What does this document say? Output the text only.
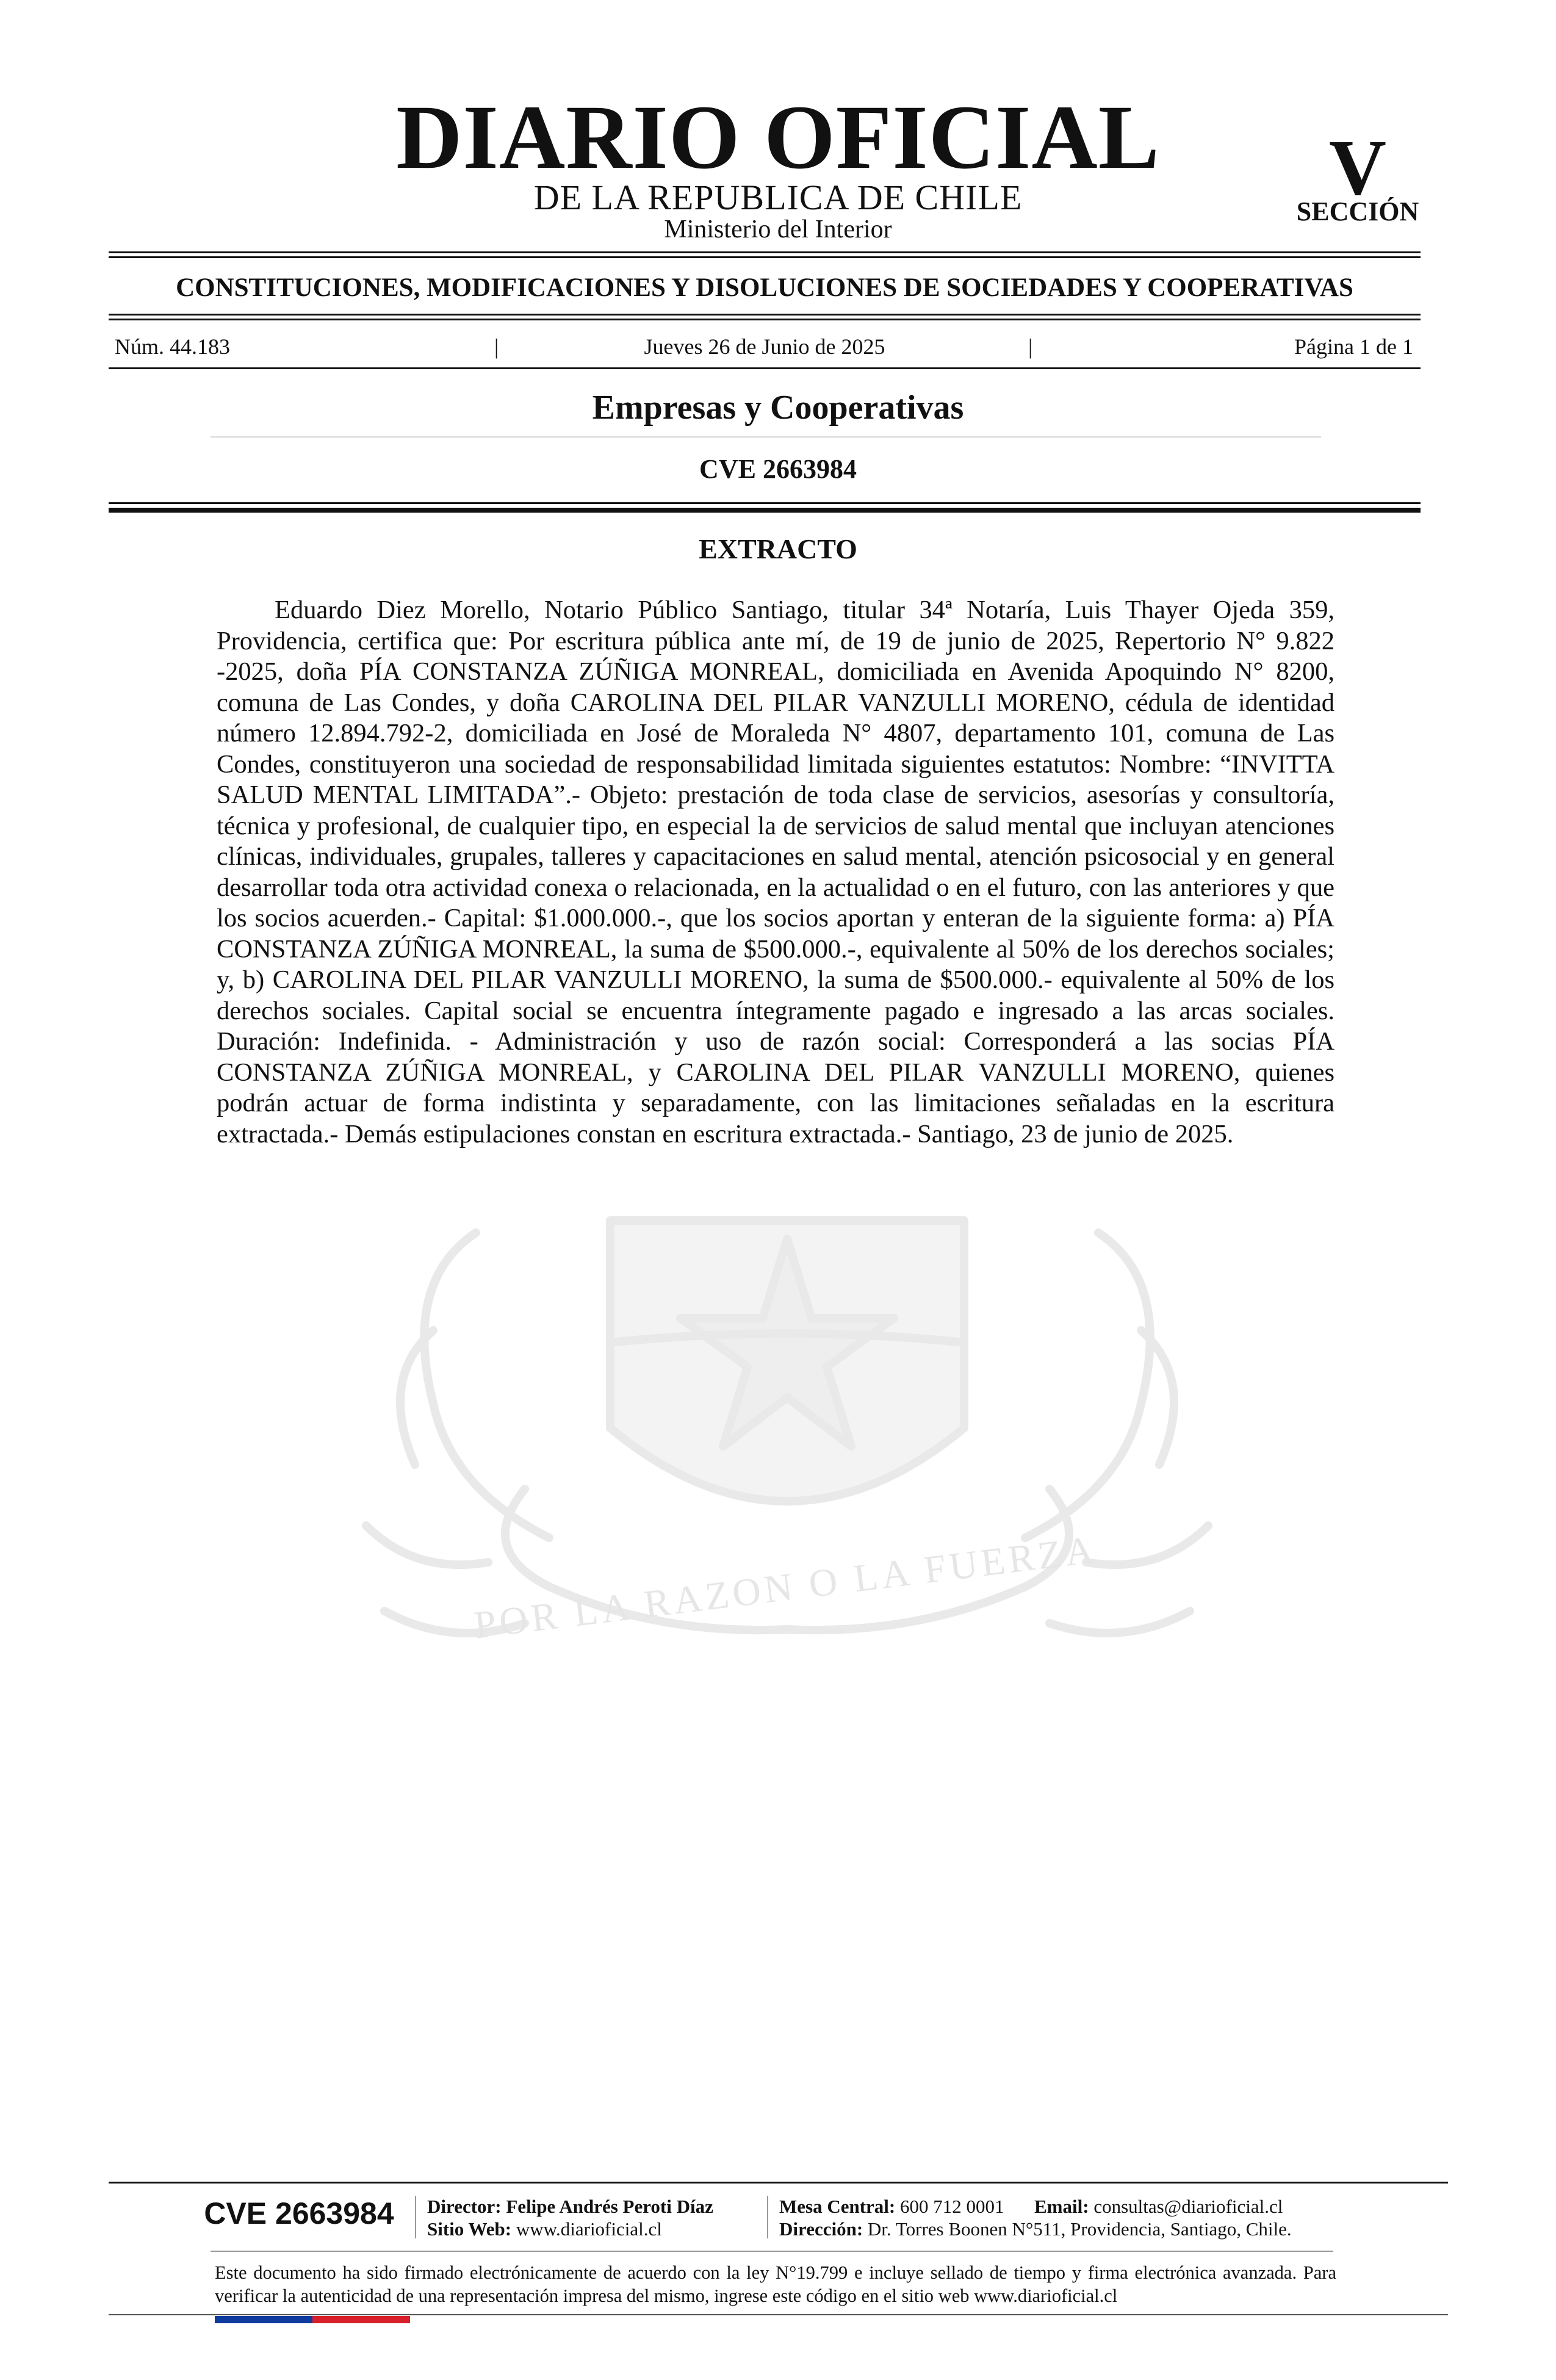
POR LA RAZON O LA FUERZA
DIARIO OFICIAL
DE LA REPUBLICA DE CHILE
Ministerio del Interior
V
SECCIÓN
CONSTITUCIONES, MODIFICACIONES Y DISOLUCIONES DE SOCIEDADES Y COOPERATIVAS
Núm. 44.183	|	Jueves 26 de Junio de 2025	|	Página 1 de 1
Empresas y Cooperativas
CVE 2663984
EXTRACTO

Eduardo Diez Morello, Notario Público Santiago, titular 34ª Notaría, Luis Thayer Ojeda 359, Providencia, certifica que: Por escritura pública ante mí, de 19 de junio de 2025, Repertorio N° 9.822 -2025, doña PÍA CONSTANZA ZÚÑIGA MONREAL, domiciliada en Avenida Apoquindo N° 8200, comuna de Las Condes, y doña CAROLINA DEL PILAR VANZULLI MORENO, cédula de identidad número 12.894.792-2, domiciliada en José de Moraleda N° 4807, departamento 101, comuna de Las Condes, constituyeron una sociedad de responsabilidad limitada siguientes estatutos: Nombre: “INVITTA SALUD MENTAL LIMITADA”.- Objeto: prestación de toda clase de servicios, asesorías y consultoría, técnica y profesional, de cualquier tipo, en especial la de servicios de salud mental que incluyan atenciones clínicas, individuales, grupales, talleres y capacitaciones en salud mental, atención psicosocial y en general desarrollar toda otra actividad conexa o relacionada, en la actualidad o en el futuro, con las anteriores y que los socios acuerden.- Capital: $1.000.000.-, que los socios aportan y enteran de la siguiente forma: a) PÍA CONSTANZA ZÚÑIGA MONREAL, la suma de $500.000.-, equivalente al 50% de los derechos sociales; y, b) CAROLINA DEL PILAR VANZULLI MORENO, la suma de $500.000.- equivalente al 50% de los derechos sociales. Capital social se encuentra íntegramente pagado e ingresado a las arcas sociales. Duración: Indefinida. - Administración y uso de razón social: Corresponderá a las socias PÍA CONSTANZA ZÚÑIGA MONREAL, y CAROLINA DEL PILAR VANZULLI MORENO, quienes podrán actuar de forma indistinta y separadamente, con las limitaciones señaladas en la escritura extractada.- Demás estipulaciones constan en escritura extractada.- Santiago, 23 de junio de 2025.

CVE 2663984	Director: Felipe Andrés Peroti Díaz
Sitio Web: www.diarioficial.cl
Mesa Central: 600 712 0001 Email: consultas@diarioficial.cl
Dirección: Dr. Torres Boonen N°511, Providencia, Santiago, Chile.

Este documento ha sido firmado electrónicamente de acuerdo con la ley N°19.799 e incluye sellado de tiempo y firma electrónica avanzada. Para verificar la autenticidad de una representación impresa del mismo, ingrese este código en el sitio web www.diarioficial.cl
